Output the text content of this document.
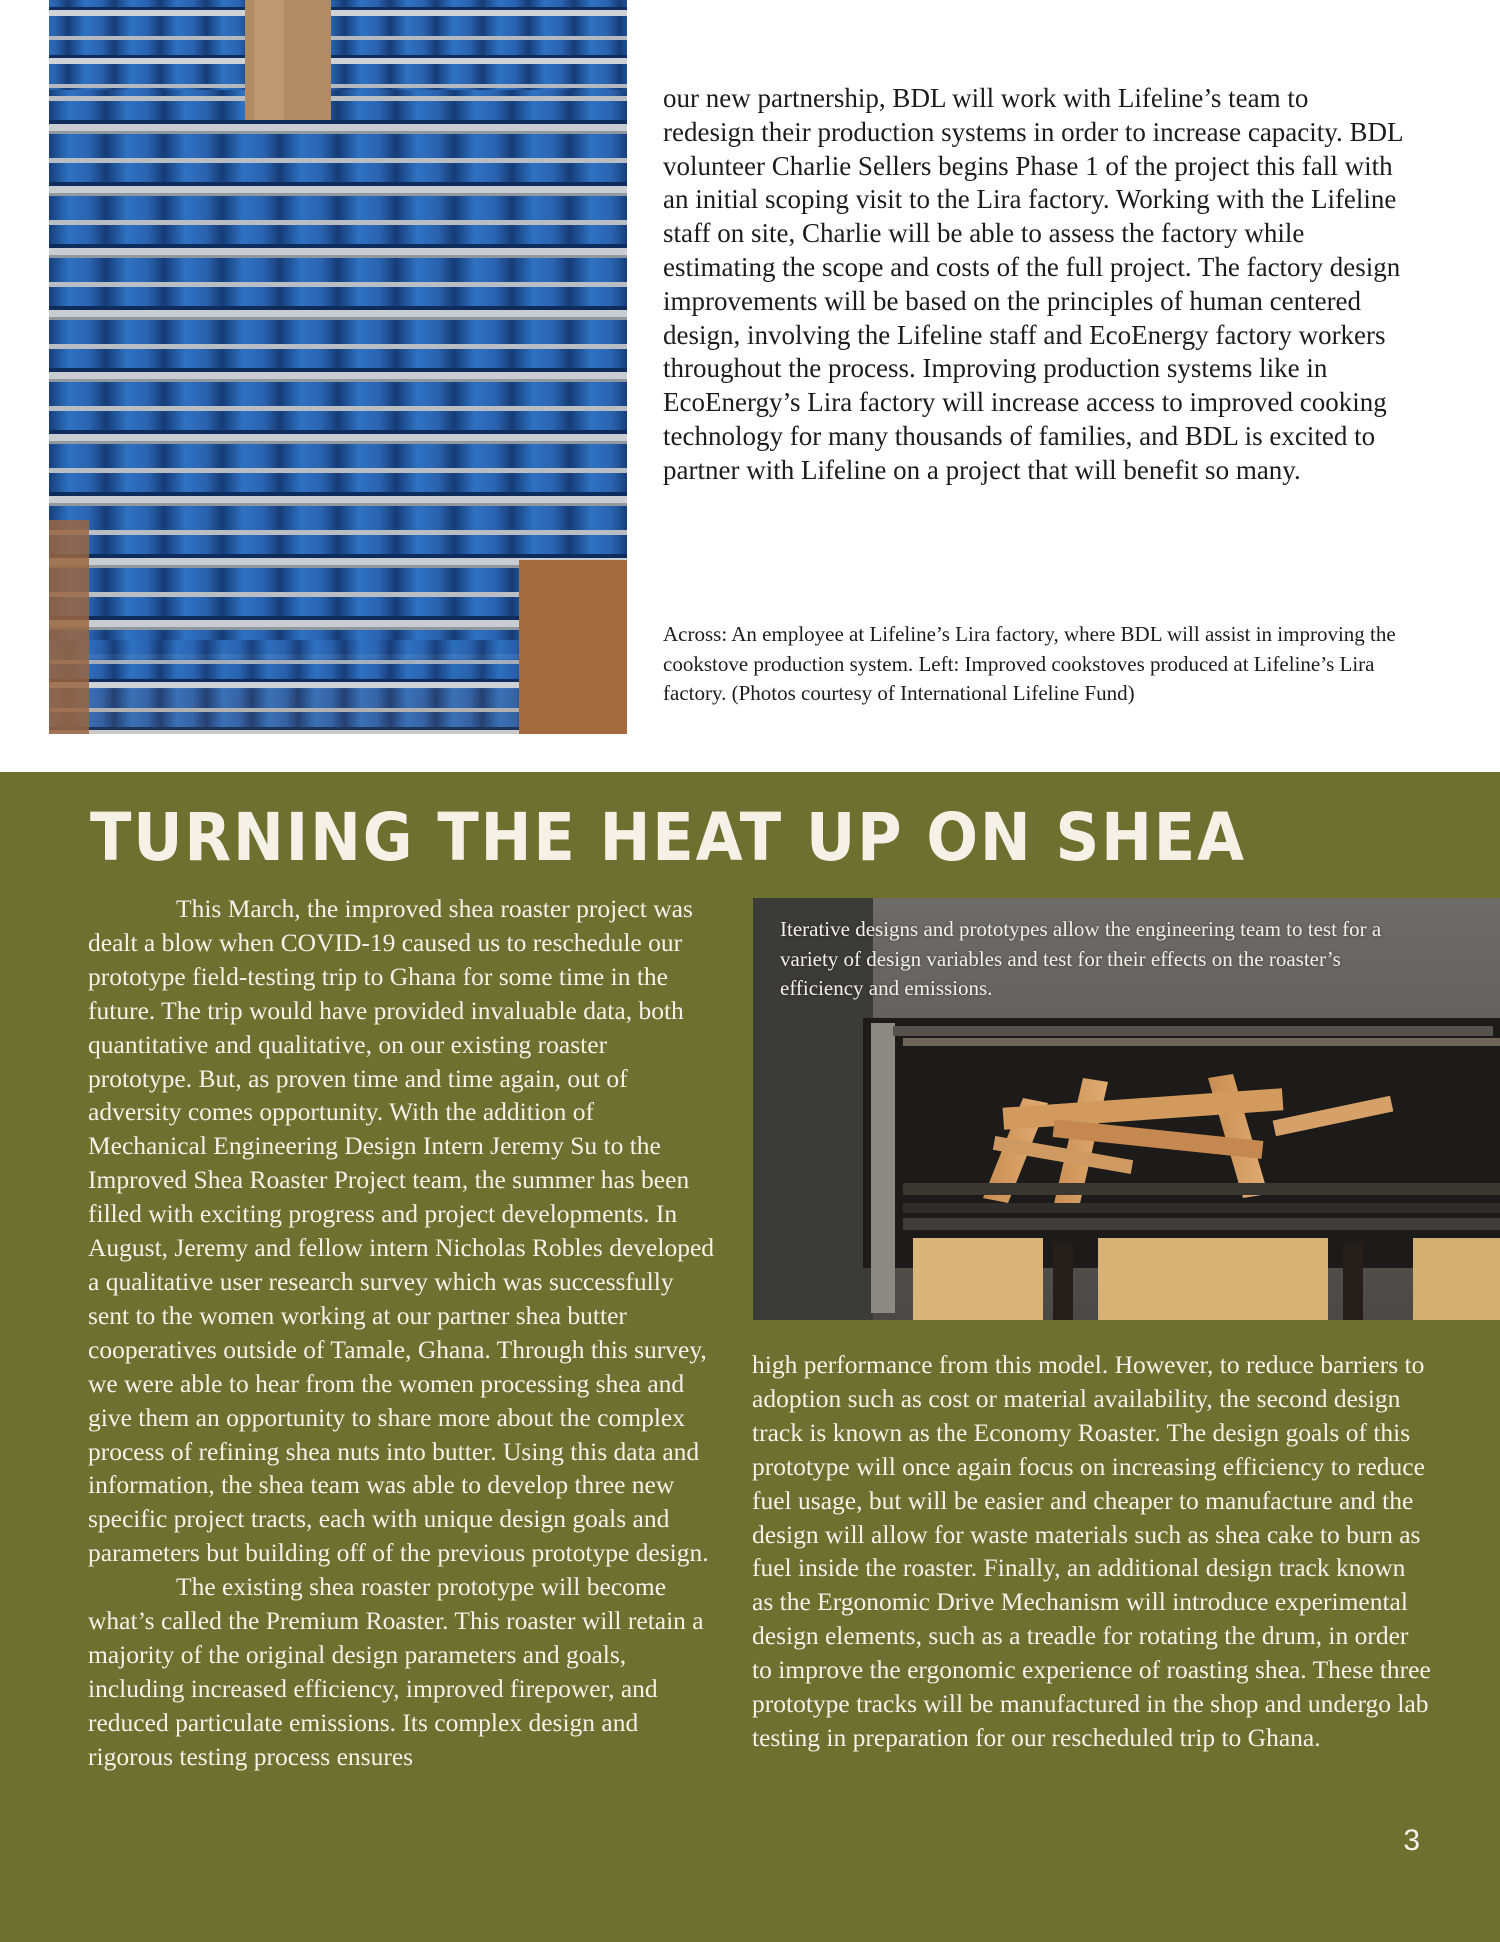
our new partnership, BDL will work with Lifeline’s team to redesign their production systems in order to increase capacity. BDL volunteer Charlie Sellers begins Phase 1 of the project this fall with an initial scoping visit to the Lira factory. Working with the Lifeline staff on site, Charlie will be able to assess the factory while estimating the scope and costs of the full project. The factory design improvements will be based on the principles of human centered design, involving the Lifeline staff and EcoEnergy factory workers throughout the process. Improving production systems like in EcoEnergy’s Lira factory will increase access to improved cooking technology for many thousands of families, and BDL is excited to partner with Lifeline on a project that will benefit so many.

Across: An employee at Lifeline’s Lira factory, where BDL will assist in improving the cookstove production system. Left: Improved cookstoves produced at Lifeline’s Lira factory. (Photos courtesy of International Lifeline Fund)

TURNING THE HEAT UP ON SHEA

This March, the improved shea roaster project was dealt a blow when COVID-19 caused us to reschedule our prototype field-testing trip to Ghana for some time in the future. The trip would have provided invaluable data, both quantitative and qualitative, on our existing roaster prototype. But, as proven time and time again, out of adversity comes opportunity. With the addition of Mechanical Engineering Design Intern Jeremy Su to the Improved Shea Roaster Project team, the summer has been filled with exciting progress and project developments. In August, Jeremy and fellow intern Nicholas Robles developed a qualitative user research survey which was successfully sent to the women working at our partner shea butter cooperatives outside of Tamale, Ghana. Through this survey, we were able to hear from the women processing shea and give them an opportunity to share more about the complex process of refining shea nuts into butter. Using this data and information, the shea team was able to develop three new specific project tracts, each with unique design goals and parameters but building off of the previous prototype design.

The existing shea roaster prototype will become what’s called the Premium Roaster. This roaster will retain a majority of the original design parameters and goals, including increased efficiency, improved firepower, and reduced particulate emissions. Its complex design and rigorous testing process ensures

Iterative designs and prototypes allow the engineering team to test for a variety of design variables and test for their effects on the roaster’s efficiency and emissions.

high performance from this model. However, to reduce barriers to adoption such as cost or material availability, the second design track is known as the Economy Roaster. The design goals of this prototype will once again focus on increasing efficiency to reduce fuel usage, but will be easier and cheaper to manufacture and the design will allow for waste materials such as shea cake to burn as fuel inside the roaster. Finally, an additional design track known as the Ergonomic Drive Mechanism will introduce experimental design elements, such as a treadle for rotating the drum, in order to improve the ergonomic experience of roasting shea. These three prototype tracks will be manufactured in the shop and undergo lab testing in preparation for our rescheduled trip to Ghana.

3
